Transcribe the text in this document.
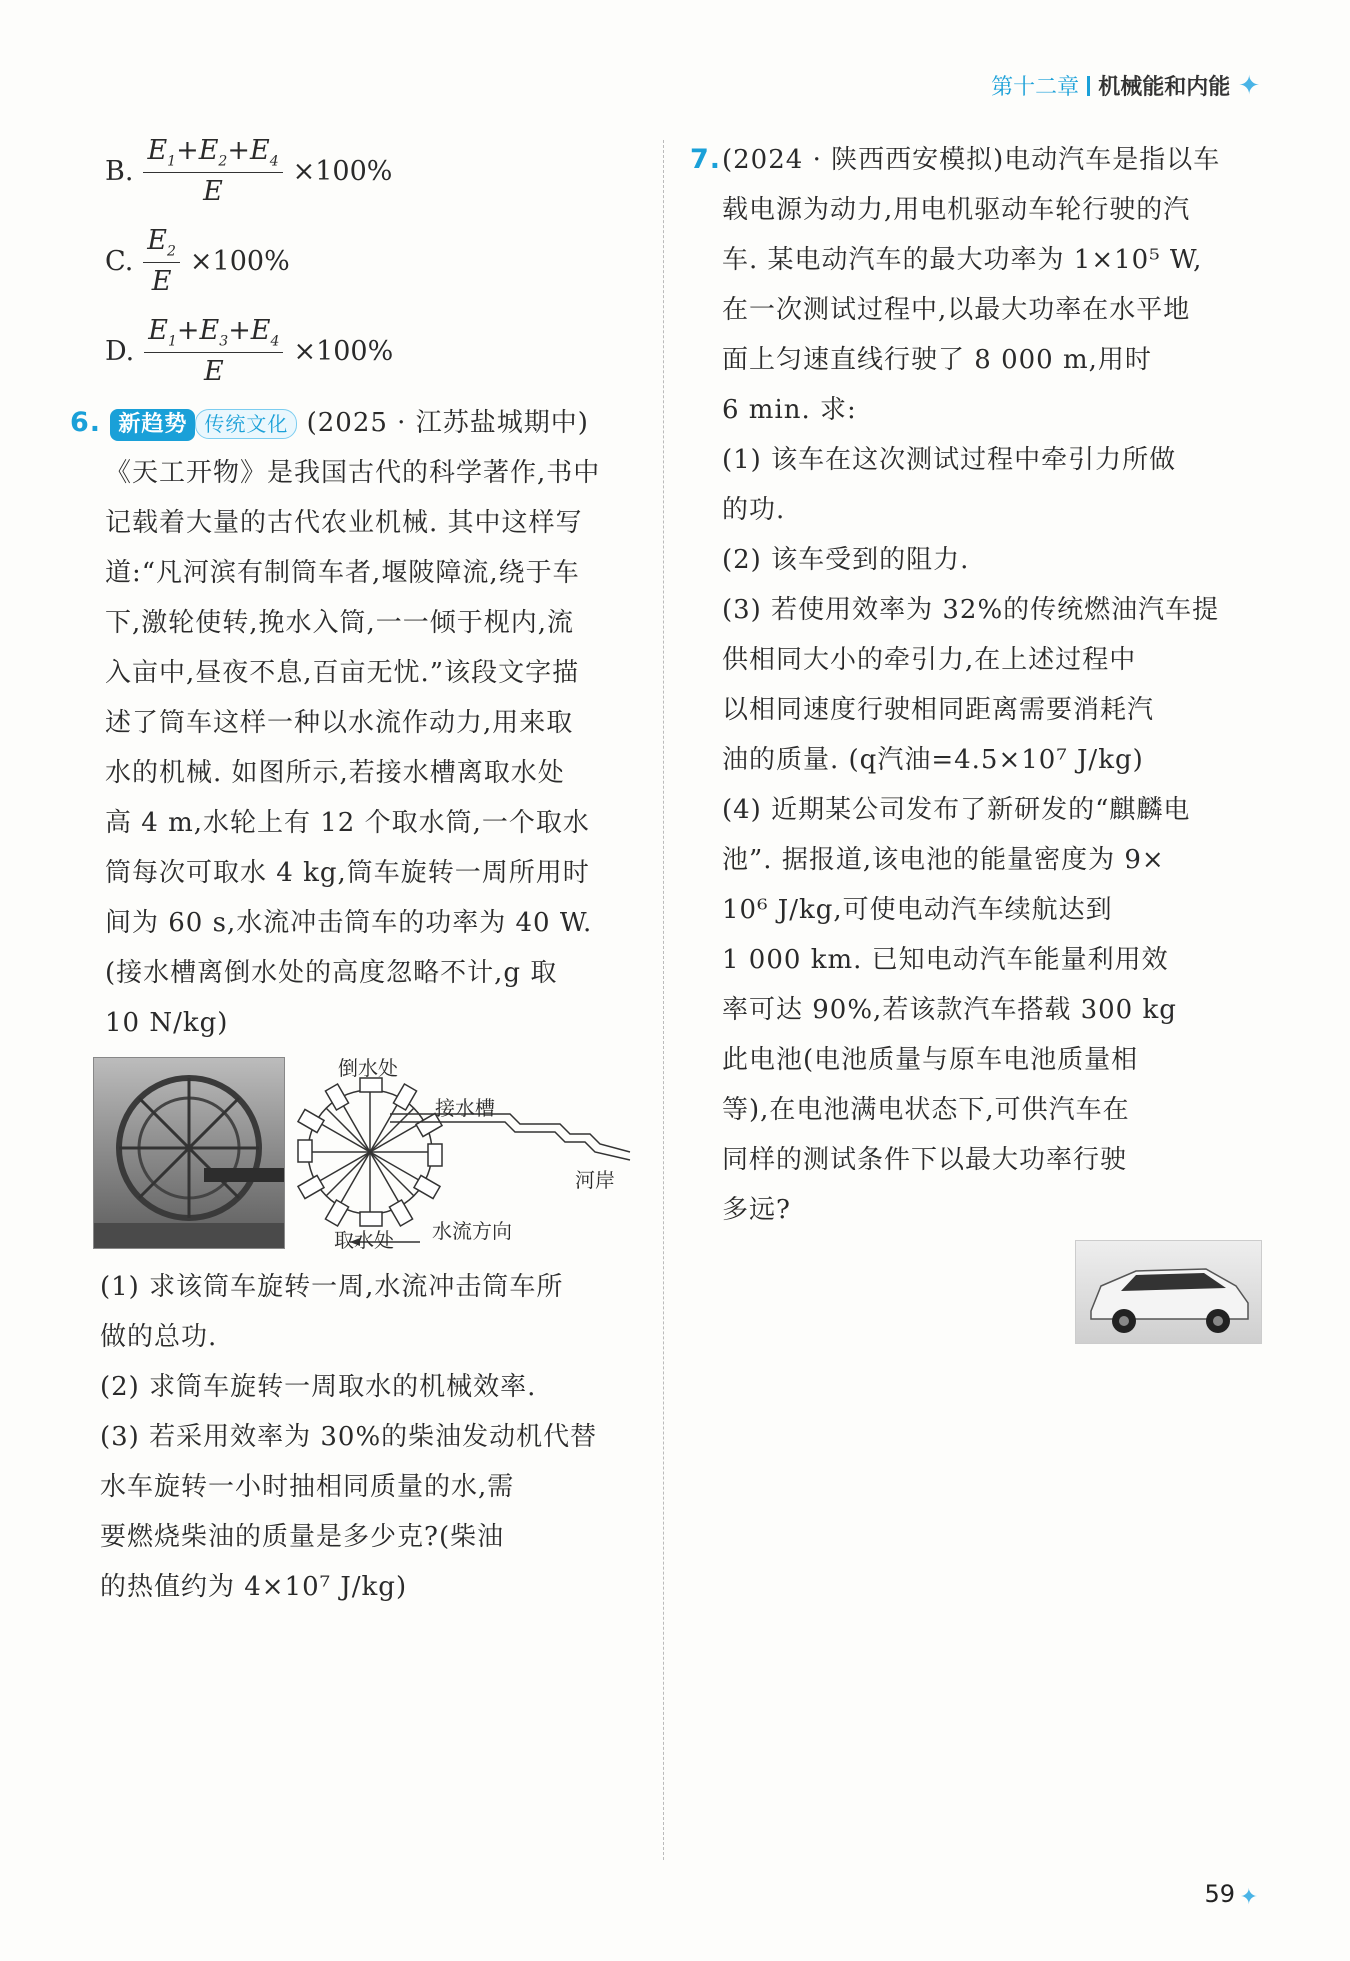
第十二章 机械能和内能 ✦
B. $\frac{E_1+E_2+E_4}{E} \times 100\%$
C. $\frac{E_2}{E} \times 100\%$
D. $\frac{E_1+E_3+E_4}{E} \times 100\%$
6. 新趋势 传统文化 (2025 · 江苏盐城期中)
《天工开物》是我国古代的科学著作,书中
记载着大量的古代农业机械. 其中这样写
道:“凡河滨有制筒车者,堰陂障流,绕于车
下,激轮使转,挽水入筒,一一倾于枧内,流
入亩中,昼夜不息,百亩无忧.”该段文字描
述了筒车这样一种以水流作动力,用来取
水的机械. 如图所示,若接水槽离取水处
高 4 m,水轮上有 12 个取水筒,一个取水
筒每次可取水 4 kg,筒车旋转一周所用时
间为 60 s,水流冲击筒车的功率为 40 W.
(接水槽离倒水处的高度忽略不计,g 取
10 N/kg)
倒水处
接水槽
河岸
取水处 水流方向
(1) 求该筒车旋转一周,水流冲击筒车所
做的总功.
(2) 求筒车旋转一周取水的机械效率.
(3) 若采用效率为 30%的柴油发动机代替
水车旋转一小时抽相同质量的水,需
要燃烧柴油的质量是多少克?(柴油
的热值约为 4×10⁷ J/kg)
7. (2024 · 陕西西安模拟)电动汽车是指以车
载电源为动力,用电机驱动车轮行驶的汽
车. 某电动汽车的最大功率为 1×10⁵ W,
在一次测试过程中,以最大功率在水平地
面上匀速直线行驶了 8 000 m,用时
6 min. 求:
(1) 该车在这次测试过程中牵引力所做
的功.
(2) 该车受到的阻力.
(3) 若使用效率为 32%的传统燃油汽车提
供相同大小的牵引力,在上述过程中
以相同速度行驶相同距离需要消耗汽
油的质量. (q汽油=4.5×10⁷ J/kg)
(4) 近期某公司发布了新研发的“麒麟电
池”. 据报道,该电池的能量密度为 9×
10⁶ J/kg,可使电动汽车续航达到
1 000 km. 已知电动汽车能量利用效
率可达 90%,若该款汽车搭载 300 kg
此电池(电池质量与原车电池质量相
等),在电池满电状态下,可供汽车在
同样的测试条件下以最大功率行驶
多远?
59 ✦
